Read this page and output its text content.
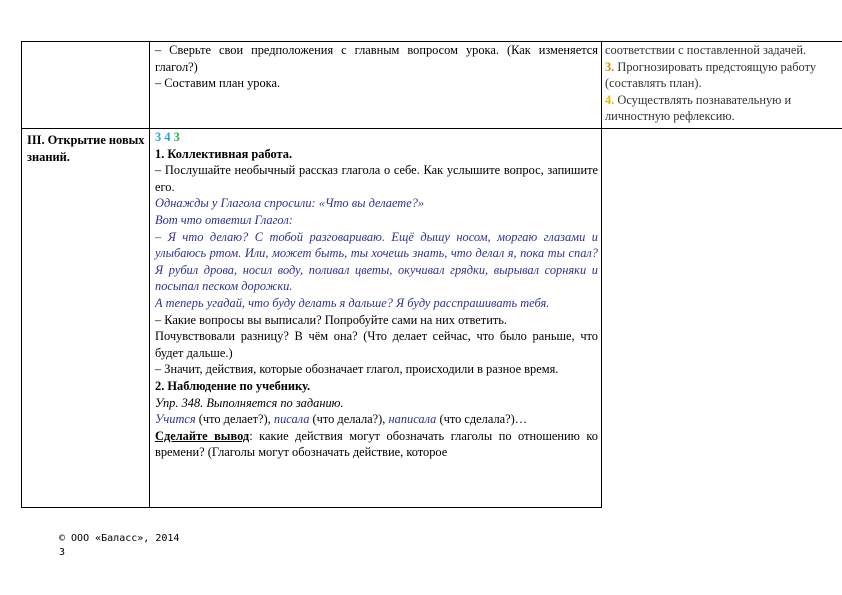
– Сверьте свои предположения с главным вопросом урока. (Как изменяется глагол?)

– Составим план урока.

соответствии с поставленной задачей.

3. Прогнозировать предстоящую работу (составлять план).

4. Осуществлять познавательную и личностную рефлексию.

III. Открытие новых знаний.

3 4 3

1. Коллективная работа.

– Послушайте необычный рассказ глагола о себе. Как услышите вопрос, запишите его.

Однажды у Глагола спросили: «Что вы делаете?»

Вот что ответил Глагол:

– Я что делаю? С тобой разговариваю. Ещё дышу носом, моргаю глазами и улыбаюсь ртом. Или, может быть, ты хочешь знать, что делал я, пока ты спал? Я рубил дрова, носил воду, поливал цветы, окучивал грядки, вырывал сорняки и посыпал песком дорожки.

А теперь угадай, что буду делать я дальше? Я буду расспрашивать тебя.

– Какие вопросы вы выписали? Попробуйте сами на них ответить.

Почувствовали разницу? В чём она? (Что делает сейчас, что было раньше, что будет дальше.)

– Значит, действия, которые обозначает глагол, происходили в разное время.

2. Наблюдение по учебнику.

Упр. 348. Выполняется по заданию.

Учится (что делает?), писала (что делала?), написала (что сделала?)…

Сделайте вывод: какие действия могут обозначать глаголы по отношению ко времени? (Глаголы могут обозначать действие, которое

© ООО «Баласс», 2014
3
